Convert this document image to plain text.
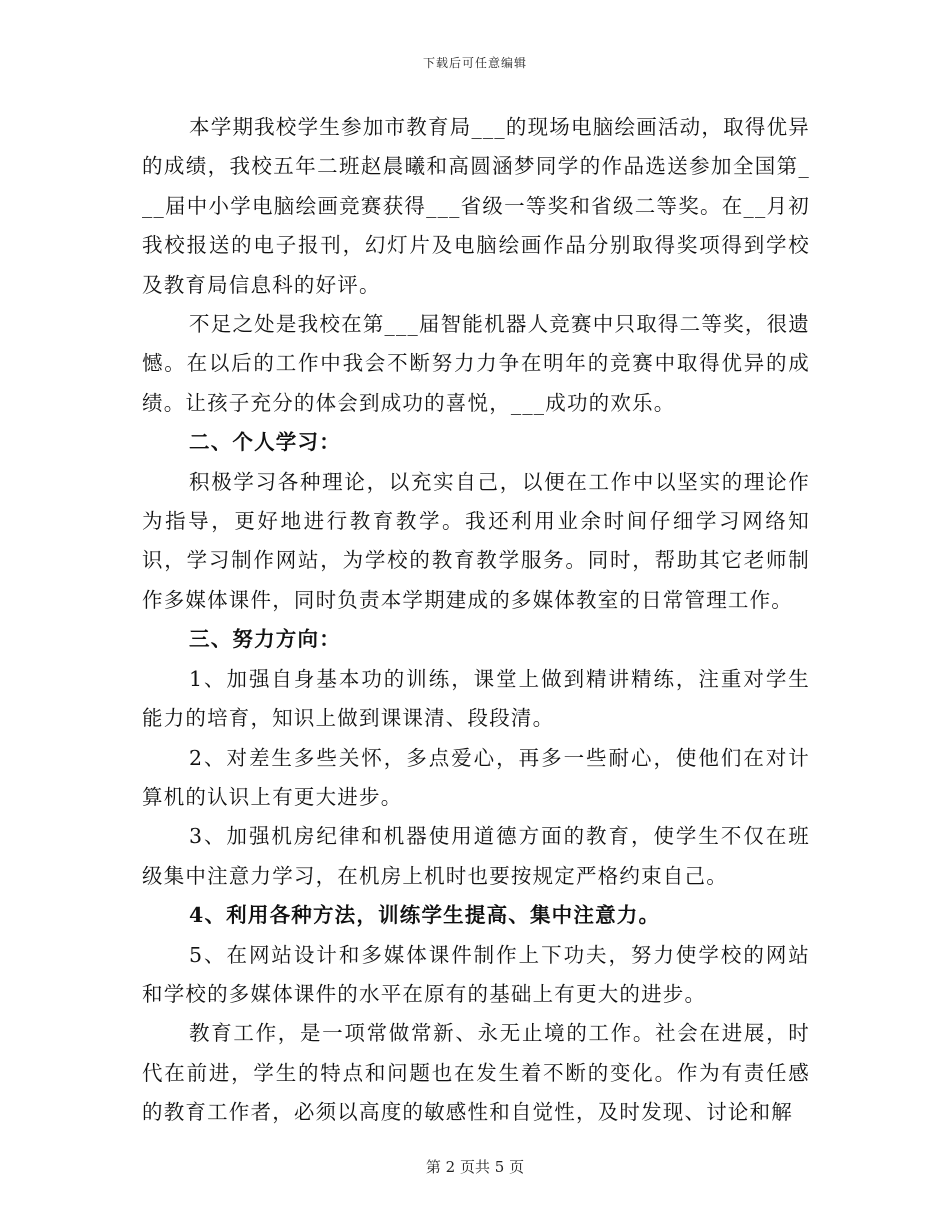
下载后可任意编辑

本学期我校学生参加市教育局___的现场电脑绘画活动，取得优异的成绩，我校五年二班赵晨曦和高圆涵梦同学的作品选送参加全国第___届中小学电脑绘画竞赛获得___省级一等奖和省级二等奖。在__月初我校报送的电子报刊，幻灯片及电脑绘画作品分别取得奖项得到学校及教育局信息科的好评。

不足之处是我校在第___届智能机器人竞赛中只取得二等奖，很遗憾。在以后的工作中我会不断努力力争在明年的竞赛中取得优异的成绩。让孩子充分的体会到成功的喜悦，___成功的欢乐。

二、个人学习：

积极学习各种理论，以充实自己，以便在工作中以坚实的理论作为指导，更好地进行教育教学。我还利用业余时间仔细学习网络知识，学习制作网站，为学校的教育教学服务。同时，帮助其它老师制作多媒体课件，同时负责本学期建成的多媒体教室的日常管理工作。

三、努力方向：

1、加强自身基本功的训练，课堂上做到精讲精练，注重对学生能力的培育，知识上做到课课清、段段清。

2、对差生多些关怀，多点爱心，再多一些耐心，使他们在对计算机的认识上有更大进步。

3、加强机房纪律和机器使用道德方面的教育，使学生不仅在班级集中注意力学习，在机房上机时也要按规定严格约束自己。

4、利用各种方法，训练学生提高、集中注意力。

5、在网站设计和多媒体课件制作上下功夫，努力使学校的网站和学校的多媒体课件的水平在原有的基础上有更大的进步。

教育工作，是一项常做常新、永无止境的工作。社会在进展，时代在前进，学生的特点和问题也在发生着不断的变化。作为有责任感的教育工作者，必须以高度的敏感性和自觉性，及时发现、讨论和解

第 2 页共 5 页
